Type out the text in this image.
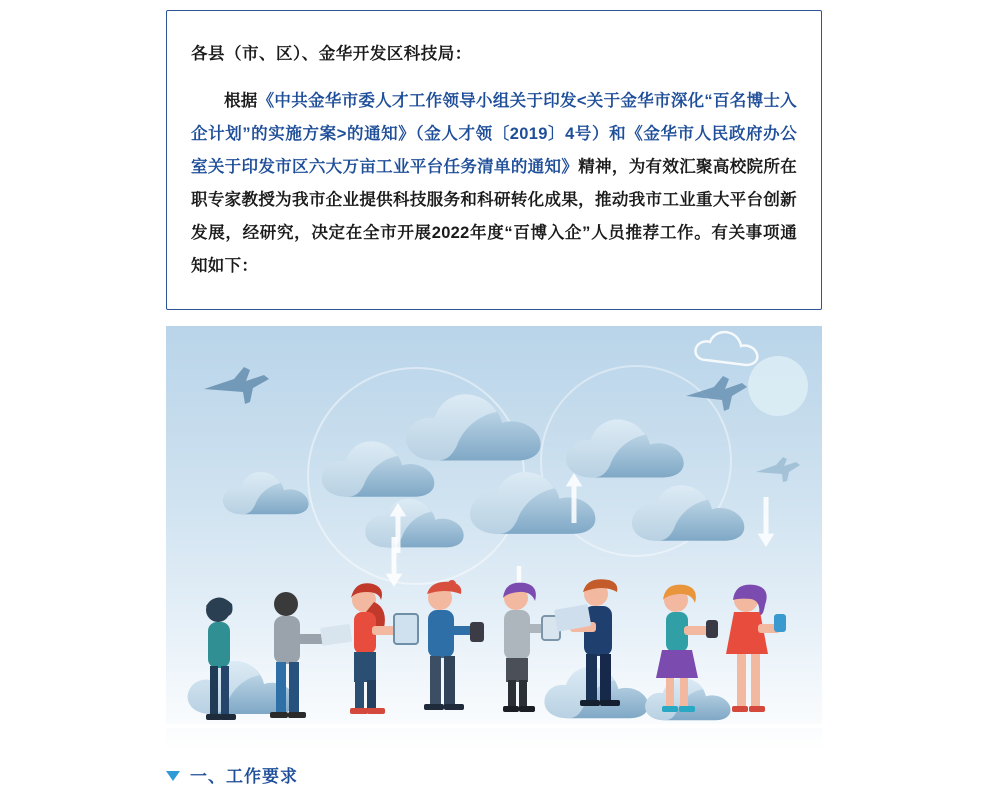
各县（市、区）、金华开发区科技局：

根据《中共金华市委人才工作领导小组关于印发<关于金华市深化“百名博士入企计划”的实施方案>的通知》（金人才领〔2019〕4号）和《金华市人民政府办公室关于印发市区六大万亩工业平台任务清单的通知》精神，为有效汇聚高校院所在职专家教授为我市企业提供科技服务和科研转化成果，推动我市工业重大平台创新发展，经研究，决定在全市开展2022年度“百博入企”人员推荐工作。有关事项通知如下：

一、工作要求
